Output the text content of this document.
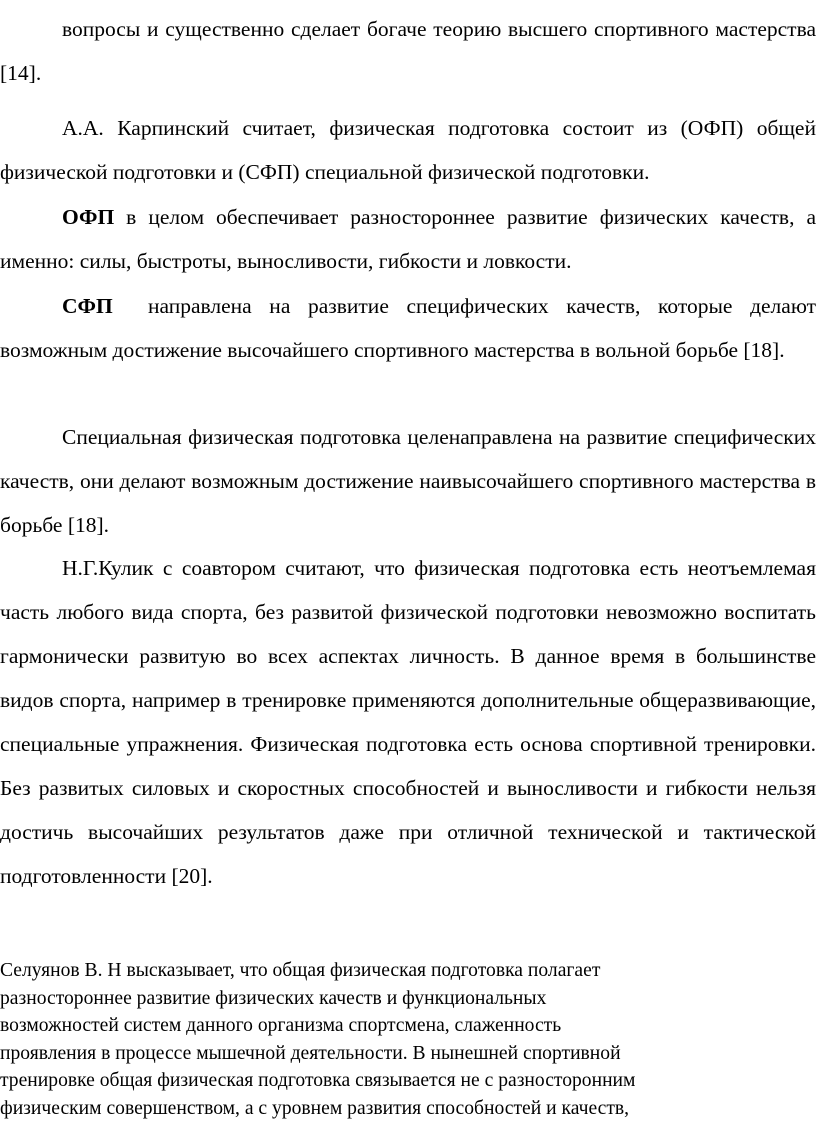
вопросы и существенно сделает богаче теорию высшего спортивного мастерства [14].

А.А. Карпинский считает, физическая подготовка состоит из (ОФП) общей физической подготовки и (СФП) специальной физической подготовки.

ОФП в целом обеспечивает разностороннее развитие физических качеств, а именно: силы, быстроты, выносливости, гибкости и ловкости.

СФП  направлена на развитие специфических качеств, которые делают возможным достижение высочайшего спортивного мастерства в вольной борьбе [18].

Специальная физическая подготовка целенаправлена на развитие специфических качеств, они делают возможным достижение наивысочайшего спортивного мастерства в борьбе [18].

Н.Г.Кулик с соавтором считают, что физическая подготовка есть неотъемлемая часть любого вида спорта, без развитой физической подготовки невозможно воспитать гармонически развитую во всех аспектах личность. В данное время в большинстве видов спорта, например в тренировке применяются дополнительные общеразвивающие, специальные упражнения. Физическая подготовка есть основа спортивной тренировки. Без развитых силовых и скоростных способностей и выносливости и гибкости нельзя достичь высочайших результатов даже при отличной технической и тактической подготовленности [20].

Селуянов В. Н высказывает, что общая физическая подготовка полагает
разностороннее развитие физических качеств и функциональных
возможностей систем данного организма спортсмена, слаженность
проявления в процессе мышечной деятельности. В нынешней спортивной
тренировке общая физическая подготовка связывается не с разносторонним
физическим совершенством, а с уровнем развития способностей и качеств,
